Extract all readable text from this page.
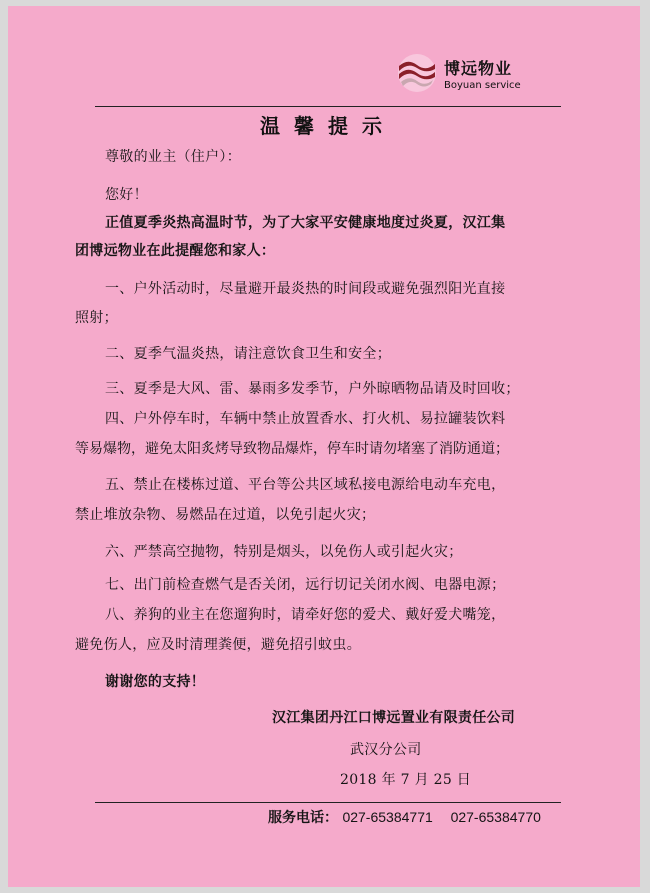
博远物业
Boyuan service
温馨提示
尊敬的业主（住户）：
您好！
正值夏季炎热高温时节，为了大家平安健康地度过炎夏，汉江集
团博远物业在此提醒您和家人：
一、户外活动时，尽量避开最炎热的时间段或避免强烈阳光直接
照射；
二、夏季气温炎热，请注意饮食卫生和安全；
三、夏季是大风、雷、暴雨多发季节，户外晾晒物品请及时回收；
四、户外停车时，车辆中禁止放置香水、打火机、易拉罐装饮料
等易爆物，避免太阳炙烤导致物品爆炸，停车时请勿堵塞了消防通道；
五、禁止在楼栋过道、平台等公共区域私接电源给电动车充电，
禁止堆放杂物、易燃品在过道，以免引起火灾；
六、严禁高空抛物，特别是烟头，以免伤人或引起火灾；
七、出门前检查燃气是否关闭，远行切记关闭水阀、电器电源；
八、养狗的业主在您遛狗时，请牵好您的爱犬、戴好爱犬嘴笼，
避免伤人，应及时清理粪便，避免招引蚊虫。
谢谢您的支持！
汉江集团丹江口博远置业有限责任公司
武汉分公司
2018 年 7 月 25 日
服务电话： 027-65384771 027-65384770
